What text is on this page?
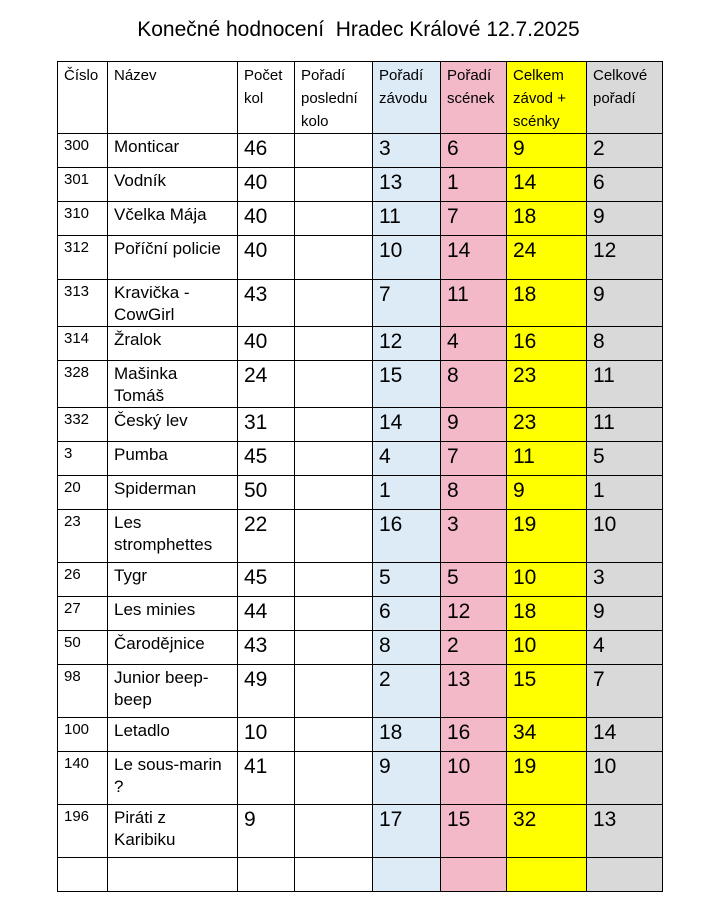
Konečné hodnocení  Hradec Králové 12.7.2025
Číslo	Název	Počet kol	Pořadí poslední kolo	Pořadí závodu	Pořadí scének	Celkem závod + scénky	Celkové pořadí
300	Monticar	46		3	6	9	2
301	Vodník	40		13	1	14	6
310	Včelka Mája	40		11	7	18	9
312	Poříční policie	40		10	14	24	12
313	Kravička - CowGirl	43		7	11	18	9
314	Žralok	40		12	4	16	8
328	Mašinka Tomáš	24		15	8	23	11
332	Český lev	31		14	9	23	11
3	Pumba	45		4	7	11	5
20	Spiderman	50		1	8	9	1
23	Les stromphettes	22		16	3	19	10
26	Tygr	45		5	5	10	3
27	Les minies	44		6	12	18	9
50	Čarodějnice	43		8	2	10	4
98	Junior beep-beep	49		2	13	15	7
100	Letadlo	10		18	16	34	14
140	Le sous-marin ?	41		9	10	19	10
196	Piráti z Karibiku	9		17	15	32	13
